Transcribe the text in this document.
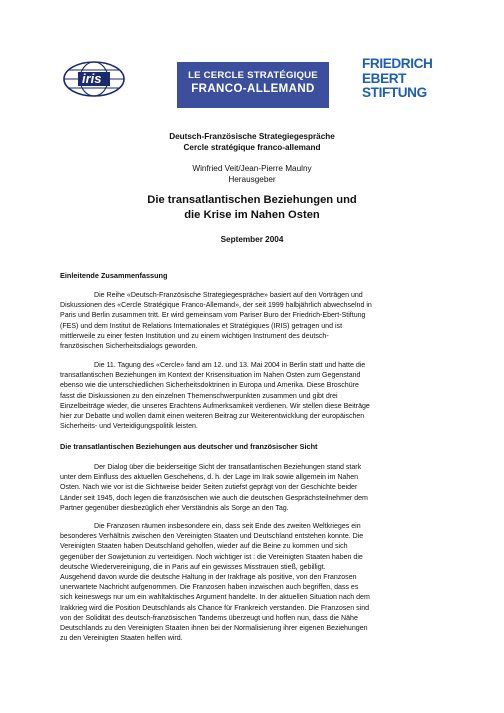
iris	LE CERCLE STRATÉGIQUE
FRANCO-ALLEMAND
FRIEDRICH
EBERT
STIFTUNG
Deutsch-Französische Strategiegespräche
Cercle stratégique franco-allemand
Winfried Veit/Jean-Pierre Maulny
Herausgeber
Die transatlantischen Beziehungen und
die Krise im Nahen Osten
September 2004
Einleitende Zusammenfassung
Die Reihe «Deutsch-Französische Strategiegespräche» basiert auf den Vorträgen und
Diskussionen des «Cercle Stratégique Franco-Allemand», der seit 1999 halbjährlich abwechselnd in
Paris und Berlin zusammen tritt. Er wird gemeinsam vom Pariser Buro der Friedrich-Ebert-Stiftung
(FES) und dem Institut de Relations Internationales et Stratégiques (IRIS) getragen und ist
mittlerweile zu einer festen Institution und zu einem wichtigen Instrument des deutsch-
französischen Sicherheitsdialogs geworden.
Die 11. Tagung des «Cercle» fand am 12. und 13. Mai 2004 in Berlin statt und hatte die
transatlantischen Beziehungen im Kontext der Krisensituation im Nahen Osten zum Gegenstand
ebenso wie die unterschiedlichen Sicherheitsdoktrinen in Europa und Amerika. Diese Broschüre
fasst die Diskussionen zu den einzelnen Themenschwerpunkten zusammen und gibt drei
Einzelbeiträge wieder, die unseres Erachtens Aufmerksamkeit verdienen. Wir stellen diese Beiträge
hier zur Debatte und wollen damit einen weiteren Beitrag zur Weiterentwicklung der europäischen
Sicherheits- und Verteidigungspolitik leisten.
Die transatlantischen Beziehungen aus deutscher und französischer Sicht
Der Dialog über die beiderseitige Sicht der transatlantischen Beziehungen stand stark
unter dem Einfluss des aktuellen Geschehens, d. h. der Lage im Irak sowie allgemein im Nahen
Osten. Nach wie vor ist die Sichtweise beider Seiten zutiefst geprägt von der Geschichte beider
Länder seit 1945, doch legen die französischen wie auch die deutschen Gesprächsteilnehmer dem
Partner gegenüber diesbezüglich eher Verständnis als Sorge an den Tag.
Die Franzosen räumen insbesondere ein, dass seit Ende des zweiten Weltkrieges ein
besonderes Verhältnis zwischen den Vereinigten Staaten und Deutschland entstehen konnte. Die
Vereinigten Staaten haben Deutschland geholfen, wieder auf die Beine zu kommen und sich
gegenüber der Sowjetunion zu verteidigen. Noch wichtiger ist : die Vereinigten Staaten haben die
deutsche Wiedervereinigung, die in Paris auf ein gewisses Misstrauen stieß, gebilligt.
Ausgehend davon wurde die deutsche Haltung in der Irakfrage als positive, von den Franzosen
unerwartete Nachricht aufgenommen. Die Franzosen haben inzwischen auch begriffen, dass es
sich keineswegs nur um ein wahltaktisches Argument handelte. In der aktuellen Situation nach dem
Irakkrieg wird die Position Deutschlands als Chance für Frankreich verstanden. Die Franzosen sind
von der Solidität des deutsch-französischen Tandems überzeugt und hoffen nun, dass die Nähe
Deutschlands zu den Vereinigten Staaten ihnen bei der Normalisierung ihrer eigenen Beziehungen
zu den Vereinigten Staaten helfen wird.
